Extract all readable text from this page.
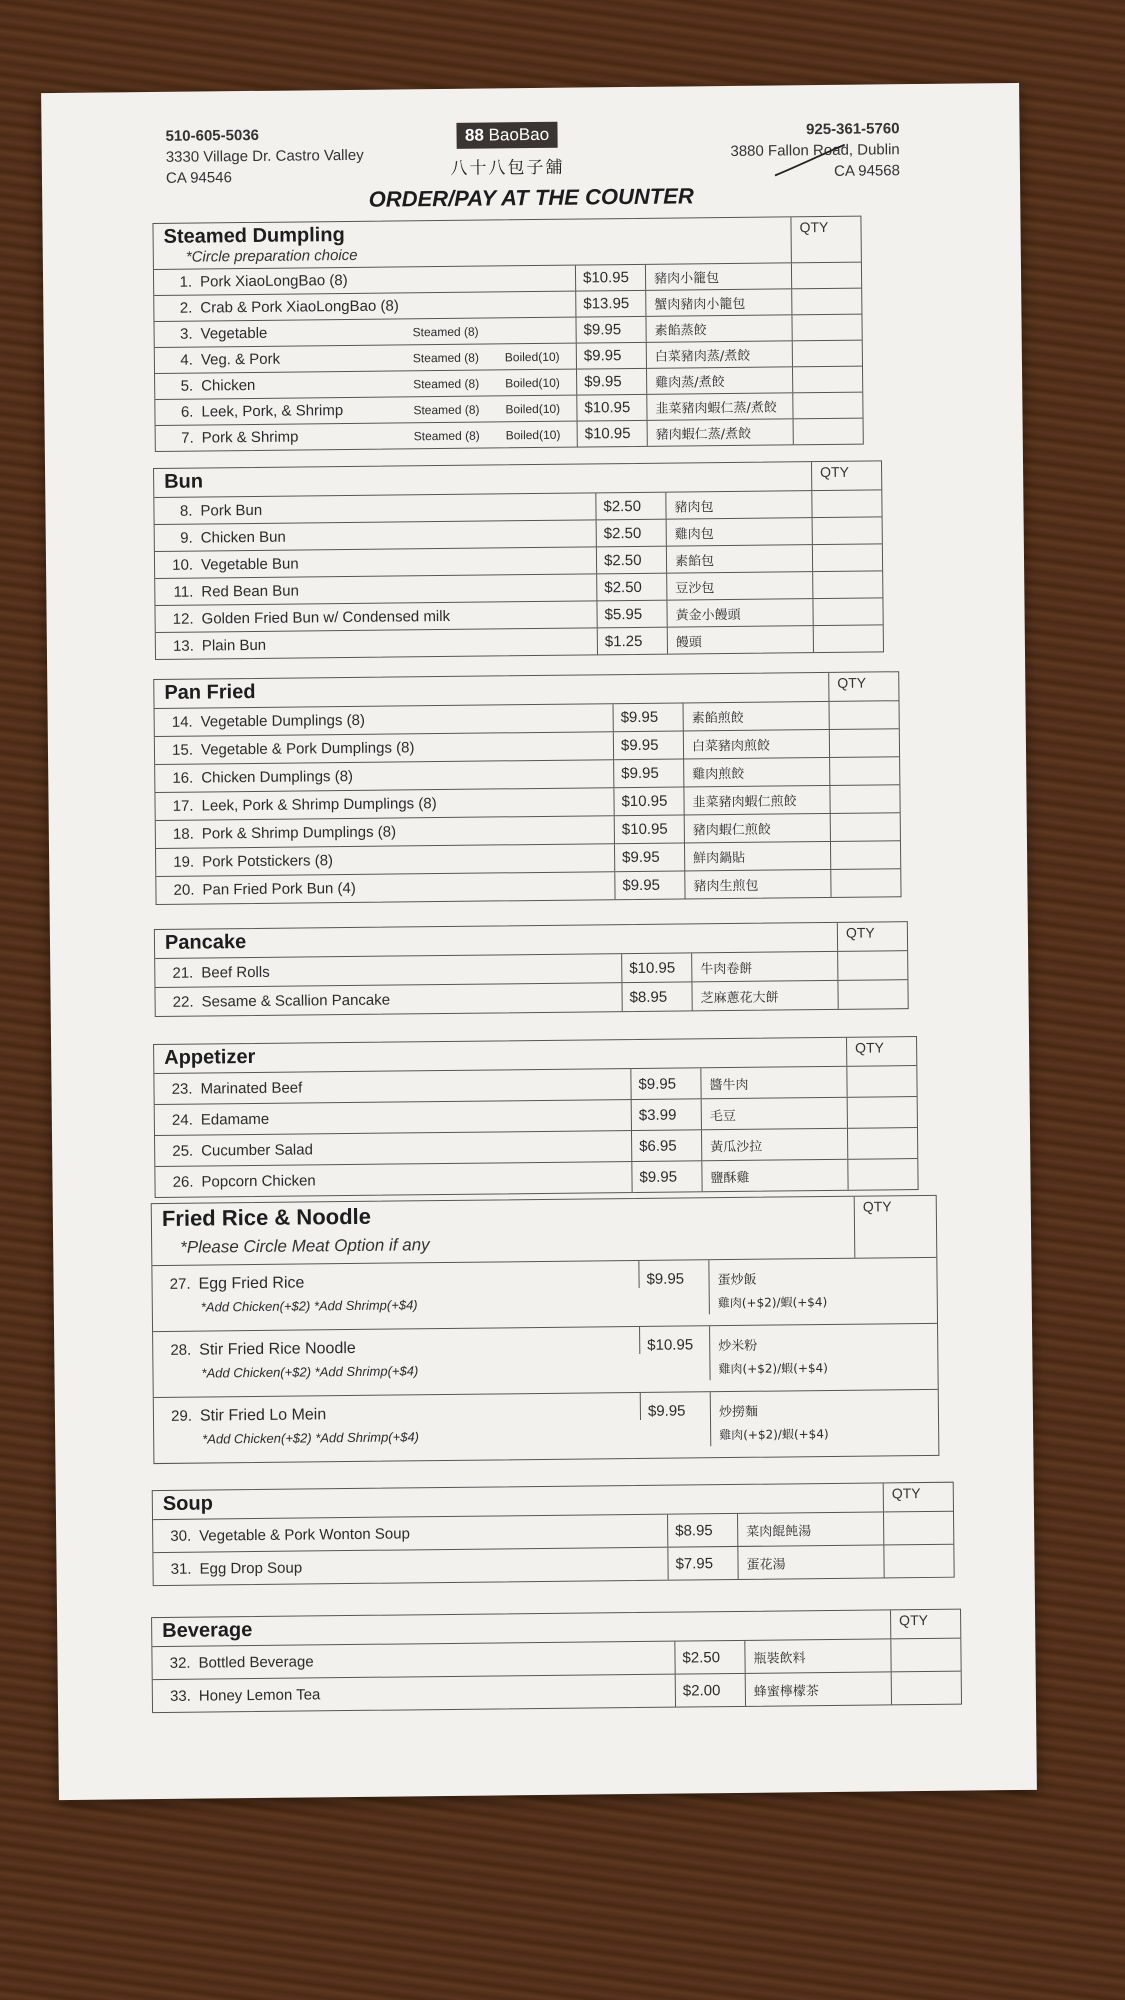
510-605-5036
3330 Village Dr. Castro Valley
CA 94546
88 BaoBao
八十八包子舖
925-361-5760
3880 Fallon Road, Dublin
CA 94568
ORDER/PAY AT THE COUNTER
Steamed Dumpling
*Circle preparation choice
QTY
1. Pork XiaoLongBao (8)	$10.95	豬肉小籠包
2. Crab & Pork XiaoLongBao (8)	$13.95	蟹肉豬肉小籠包
3. Vegetable	Steamed (8)	$9.95	素餡蒸餃
4. Veg. & Pork	Steamed (8) Boiled(10)	$9.95	白菜豬肉蒸/煮餃
5. Chicken	Steamed (8) Boiled(10)	$9.95	雞肉蒸/煮餃
6. Leek, Pork, & Shrimp	Steamed (8) Boiled(10)	$10.95	韭菜豬肉蝦仁蒸/煮餃
7. Pork & Shrimp	Steamed (8) Boiled(10)	$10.95	豬肉蝦仁蒸/煮餃
Bun	QTY
8. Pork Bun	$2.50	豬肉包
9. Chicken Bun	$2.50	雞肉包
10. Vegetable Bun	$2.50	素餡包
11. Red Bean Bun	$2.50	豆沙包
12. Golden Fried Bun w/ Condensed milk	$5.95	黃金小饅頭
13. Plain Bun	$1.25	饅頭
Pan Fried	QTY
14. Vegetable Dumplings (8)	$9.95	素餡煎餃
15. Vegetable & Pork Dumplings (8)	$9.95	白菜豬肉煎餃
16. Chicken Dumplings (8)	$9.95	雞肉煎餃
17. Leek, Pork & Shrimp Dumplings (8)	$10.95	韭菜豬肉蝦仁煎餃
18. Pork & Shrimp Dumplings (8)	$10.95	豬肉蝦仁煎餃
19. Pork Potstickers (8)	$9.95	鮮肉鍋貼
20. Pan Fried Pork Bun (4)	$9.95	豬肉生煎包
Pancake	QTY
21. Beef Rolls	$10.95	牛肉卷餅
22. Sesame & Scallion Pancake	$8.95	芝麻蔥花大餅
Appetizer	QTY
23. Marinated Beef	$9.95	醬牛肉
24. Edamame	$3.99	毛豆
25. Cucumber Salad	$6.95	黃瓜沙拉
26. Popcorn Chicken	$9.95	鹽酥雞
Fried Rice & Noodle
*Please Circle Meat Option if any
QTY
27. Egg Fried Rice
*Add Chicken(+$2) *Add Shrimp(+$4)
$9.95	蛋炒飯
雞肉(+$2)/蝦(+$4)
28. Stir Fried Rice Noodle
*Add Chicken(+$2) *Add Shrimp(+$4)
$10.95	炒米粉
雞肉(+$2)/蝦(+$4)
29. Stir Fried Lo Mein
*Add Chicken(+$2) *Add Shrimp(+$4)
$9.95	炒撈麵
雞肉(+$2)/蝦(+$4)
Soup	QTY
30. Vegetable & Pork Wonton Soup	$8.95	菜肉餛飩湯
31. Egg Drop Soup	$7.95	蛋花湯
Beverage	QTY
32. Bottled Beverage	$2.50	瓶裝飲料
33. Honey Lemon Tea	$2.00	蜂蜜檸檬茶
